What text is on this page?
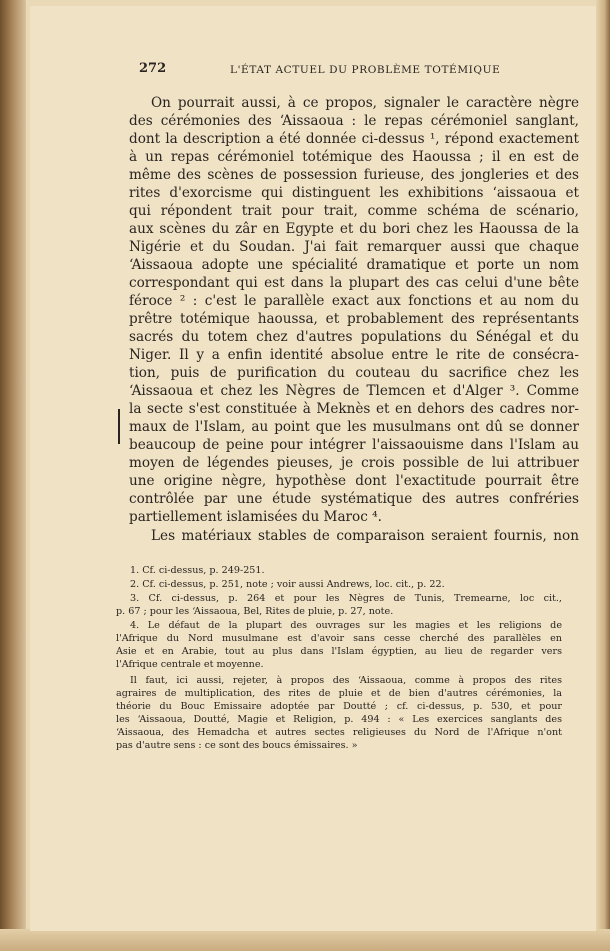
272	L'ÉTAT ACTUEL DU PROBLÈME TOTÉMIQUE
On pourrait aussi, à ce propos, signaler le caractère nègre
des cérémonies des ‘Aissaoua : le repas cérémoniel sanglant,
dont la description a été donnée ci-dessus ¹, répond exactement
à un repas cérémoniel totémique des Haoussa ; il en est de
même des scènes de possession furieuse, des jongleries et des
rites d'exorcisme qui distinguent les exhibitions ‘aissaoua et
qui répondent trait pour trait, comme schéma de scénario,
aux scènes du zâr en Egypte et du bori chez les Haoussa de la
Nigérie et du Soudan. J'ai fait remarquer aussi que chaque
‘Aissaoua adopte une spécialité dramatique et porte un nom
correspondant qui est dans la plupart des cas celui d'une bête
féroce ² : c'est le parallèle exact aux fonctions et au nom du
prêtre totémique haoussa, et probablement des représentants
sacrés du totem chez d'autres populations du Sénégal et du
Niger. Il y a enfin identité absolue entre le rite de consécra-
tion, puis de purification du couteau du sacrifice chez les
‘Aissaoua et chez les Nègres de Tlemcen et d'Alger ³. Comme
la secte s'est constituée à Meknès et en dehors des cadres nor-
maux de l'Islam, au point que les musulmans ont dû se donner
beaucoup de peine pour intégrer l'aissaouisme dans l'Islam au
moyen de légendes pieuses, je crois possible de lui attribuer
une origine nègre, hypothèse dont l'exactitude pourrait être
contrôlée par une étude systématique des autres confréries
partiellement islamisées du Maroc ⁴.
Les matériaux stables de comparaison seraient fournis, non
1. Cf. ci-dessus, p. 249-251.
2. Cf. ci-dessus, p. 251, note ; voir aussi Andrews, loc. cit., p. 22.
3. Cf. ci-dessus, p. 264 et pour les Nègres de Tunis, Tremearne, loc cit.,
p. 67 ; pour les ‘Aissaoua, Bel, Rites de pluie, p. 27, note.
4. Le défaut de la plupart des ouvrages sur les magies et les religions de
l'Afrique du Nord musulmane est d'avoir sans cesse cherché des parallèles en
Asie et en Arabie, tout au plus dans l'Islam égyptien, au lieu de regarder vers
l'Afrique centrale et moyenne.
Il faut, ici aussi, rejeter, à propos des ‘Aissaoua, comme à propos des rites
agraires de multiplication, des rites de pluie et de bien d'autres cérémonies, la
théorie du Bouc Emissaire adoptée par Doutté ; cf. ci-dessus, p. 530, et pour
les ‘Aissaoua, Doutté, Magie et Religion, p. 494 : « Les exercices sanglants des
‘Aissaoua, des Hemadcha et autres sectes religieuses du Nord de l'Afrique n'ont
pas d'autre sens : ce sont des boucs émissaires. »
